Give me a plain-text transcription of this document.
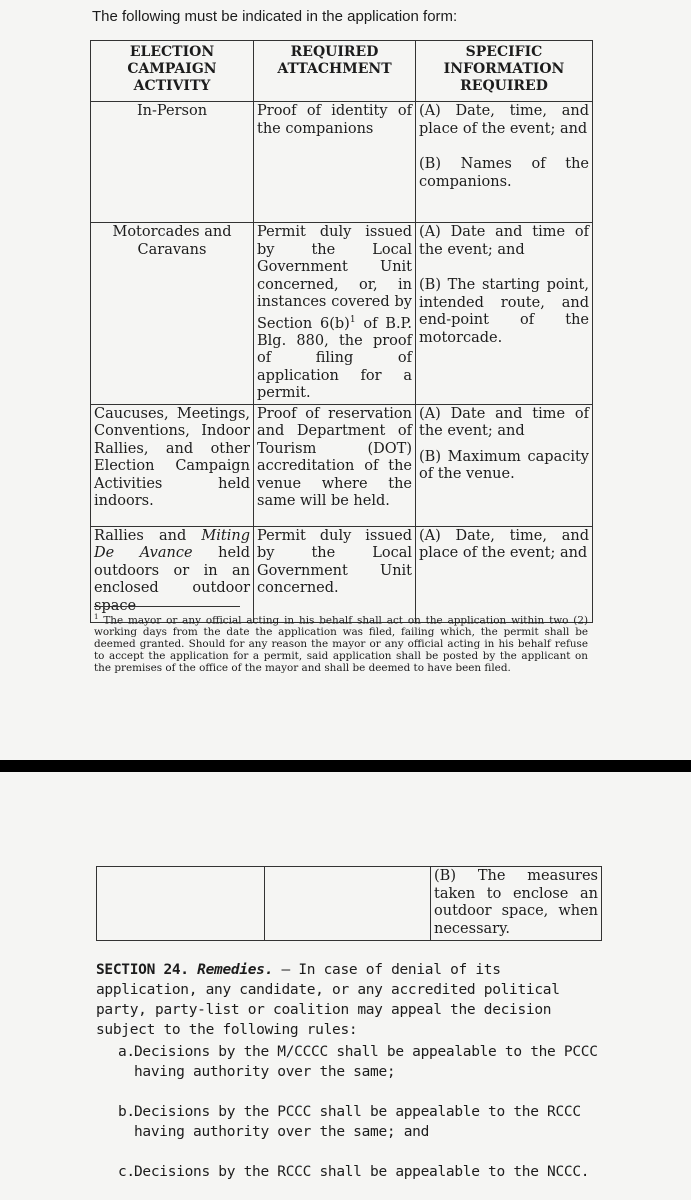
The following must be indicated in the application form:
ELECTION CAMPAIGN ACTIVITY	REQUIRED ATTACHMENT	SPECIFIC INFORMATION REQUIRED
In-Person	Proof of identity of the companions	(A) Date, time, and place of the event; and
(B) Names of the companions.

Motorcades and Caravans	Permit duly issued by the Local Government Unit concerned, or, in instances covered by Section $6(b)^1$ of B.P. Blg. 880, the proof of filing of application for a permit.	(A) Date and time of the event; and
(B) The starting point, intended route, and end-point of the motorcade.

Caucuses, Meetings, Conventions, Indoor Rallies, and other Election Campaign Activities held indoors.	Proof of reservation and Department of Tourism (DOT) accreditation of the venue where the same will be held.	(A) Date and time of the event; and
(B) Maximum capacity of the venue.

Rallies and Miting De Avance held outdoors or in an enclosed outdoor space	Permit duly issued by the Local Government Unit concerned.	(A) Date, time, and place of the event; and
$^1$ The mayor or any official acting in his behalf shall act on the application within two (2) working days from the date the application was filed, failing which, the permit shall be deemed granted. Should for any reason the mayor or any official acting in his behalf refuse to accept the application for a permit, said application shall be posted by the applicant on the premises of the office of the mayor and shall be deemed to have been filed.

(B) The measures taken to enclose an outdoor space, when necessary.
SECTION 24. Remedies. – In case of denial of its application, any candidate, or any accredited political party, party-list or coalition may appeal the decision subject to the following rules:
a.Decisions by the M/CCCC shall be appealable to the PCCC having authority over the same;
b.Decisions by the PCCC shall be appealable to the RCCC having authority over the same; and
c.Decisions by the RCCC shall be appealable to the NCCC.
